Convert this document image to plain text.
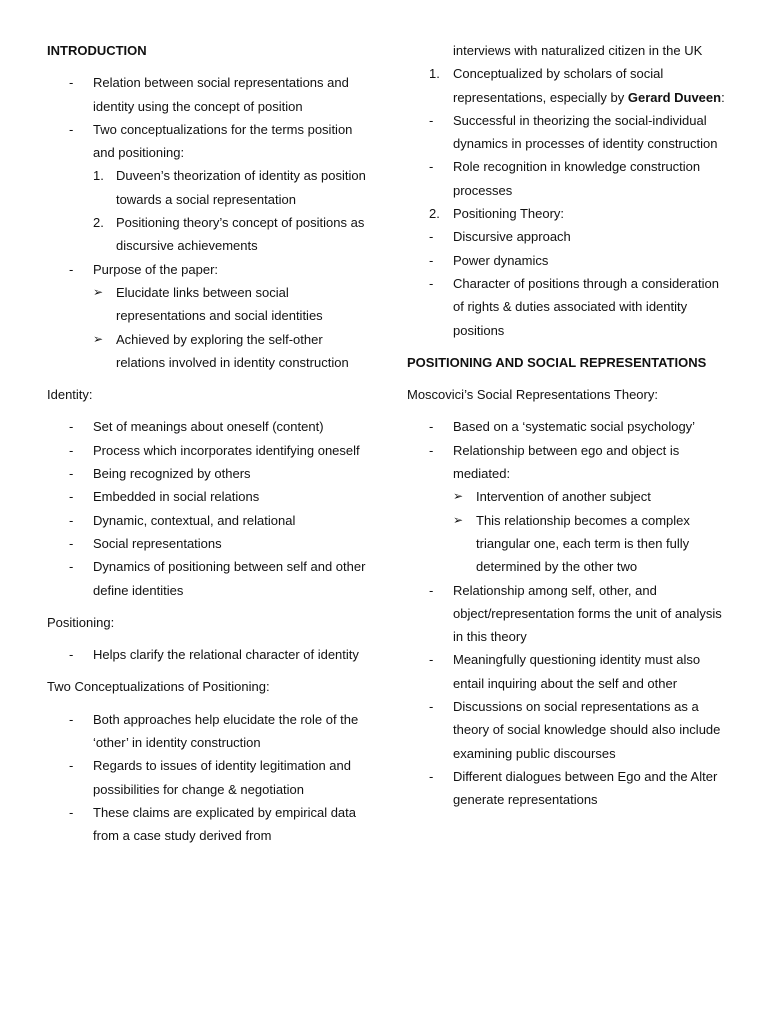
INTRODUCTION
-	Relation between social representations and identity using the concept of position
-	Two conceptualizations for the terms position and positioning:
1. Duveen’s theorization of identity as position towards a social representation
2. Positioning theory’s concept of positions as discursive achievements
-	Purpose of the paper:
➢ Elucidate links between social representations and social identities
➢ Achieved by exploring the self-other relations involved in identity construction
Identity:
-	Set of meanings about oneself (content)
-	Process which incorporates identifying oneself
-	Being recognized by others
-	Embedded in social relations
-	Dynamic, contextual, and relational
-	Social representations
-	Dynamics of positioning between self and other define identities
Positioning:
-	Helps clarify the relational character of identity
Two Conceptualizations of Positioning:
-	Both approaches help elucidate the role of the ‘other’ in identity construction
-	Regards to issues of identity legitimation and possibilities for change & negotiation
-	These claims are explicated by empirical data from a case study derived from
interviews with naturalized citizen in the UK
1.	Conceptualized by scholars of social representations, especially by Gerard Duveen:
-	Successful in theorizing the social-individual dynamics in processes of identity construction
-	Role recognition in knowledge construction processes
2.	Positioning Theory:
-	Discursive approach
-	Power dynamics
-	Character of positions through a consideration of rights & duties associated with identity positions
POSITIONING AND SOCIAL REPRESENTATIONS
Moscovici’s Social Representations Theory:
-	Based on a ‘systematic social psychology’
-	Relationship between ego and object is mediated:
➢ Intervention of another subject
➢ This relationship becomes a complex triangular one, each term is then fully determined by the other two
-	Relationship among self, other, and object/representation forms the unit of analysis in this theory
-	Meaningfully questioning identity must also entail inquiring about the self and other
-	Discussions on social representations as a theory of social knowledge should also include examining public discourses
-	Different dialogues between Ego and the Alter generate representations
